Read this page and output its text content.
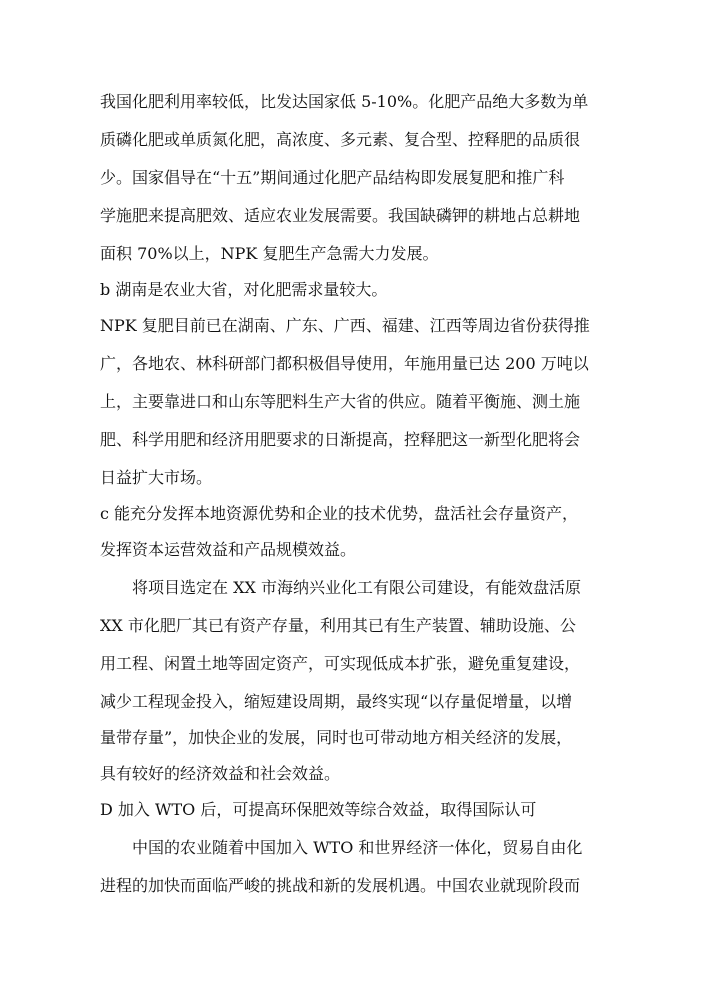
我国化肥利用率较低，比发达国家低 5-10%。化肥产品绝大多数为单
质磷化肥或单质氮化肥，高浓度、多元素、复合型、控释肥的品质很
少。国家倡导在“十五”期间通过化肥产品结构即发展复肥和推广科
学施肥来提高肥效、适应农业发展需要。我国缺磷钾的耕地占总耕地
面积 70%以上，NPK 复肥生产急需大力发展。
b 湖南是农业大省，对化肥需求量较大。
NPK 复肥目前已在湖南、广东、广西、福建、江西等周边省份获得推
广，各地农、林科研部门都积极倡导使用，年施用量已达 200 万吨以
上，主要靠进口和山东等肥料生产大省的供应。随着平衡施、测土施
肥、科学用肥和经济用肥要求的日渐提高，控释肥这一新型化肥将会
日益扩大市场。
c 能充分发挥本地资源优势和企业的技术优势，盘活社会存量资产，
发挥资本运营效益和产品规模效益。
将项目选定在 XX 市海纳兴业化工有限公司建设，有能效盘活原
XX 市化肥厂其已有资产存量，利用其已有生产装置、辅助设施、公
用工程、闲置土地等固定资产，可实现低成本扩张，避免重复建设，
减少工程现金投入，缩短建设周期，最终实现“以存量促增量，以增
量带存量”，加快企业的发展，同时也可带动地方相关经济的发展，
具有较好的经济效益和社会效益。
D 加入 WTO 后，可提高环保肥效等综合效益，取得国际认可
中国的农业随着中国加入 WTO 和世界经济一体化，贸易自由化
进程的加快而面临严峻的挑战和新的发展机遇。中国农业就现阶段而
